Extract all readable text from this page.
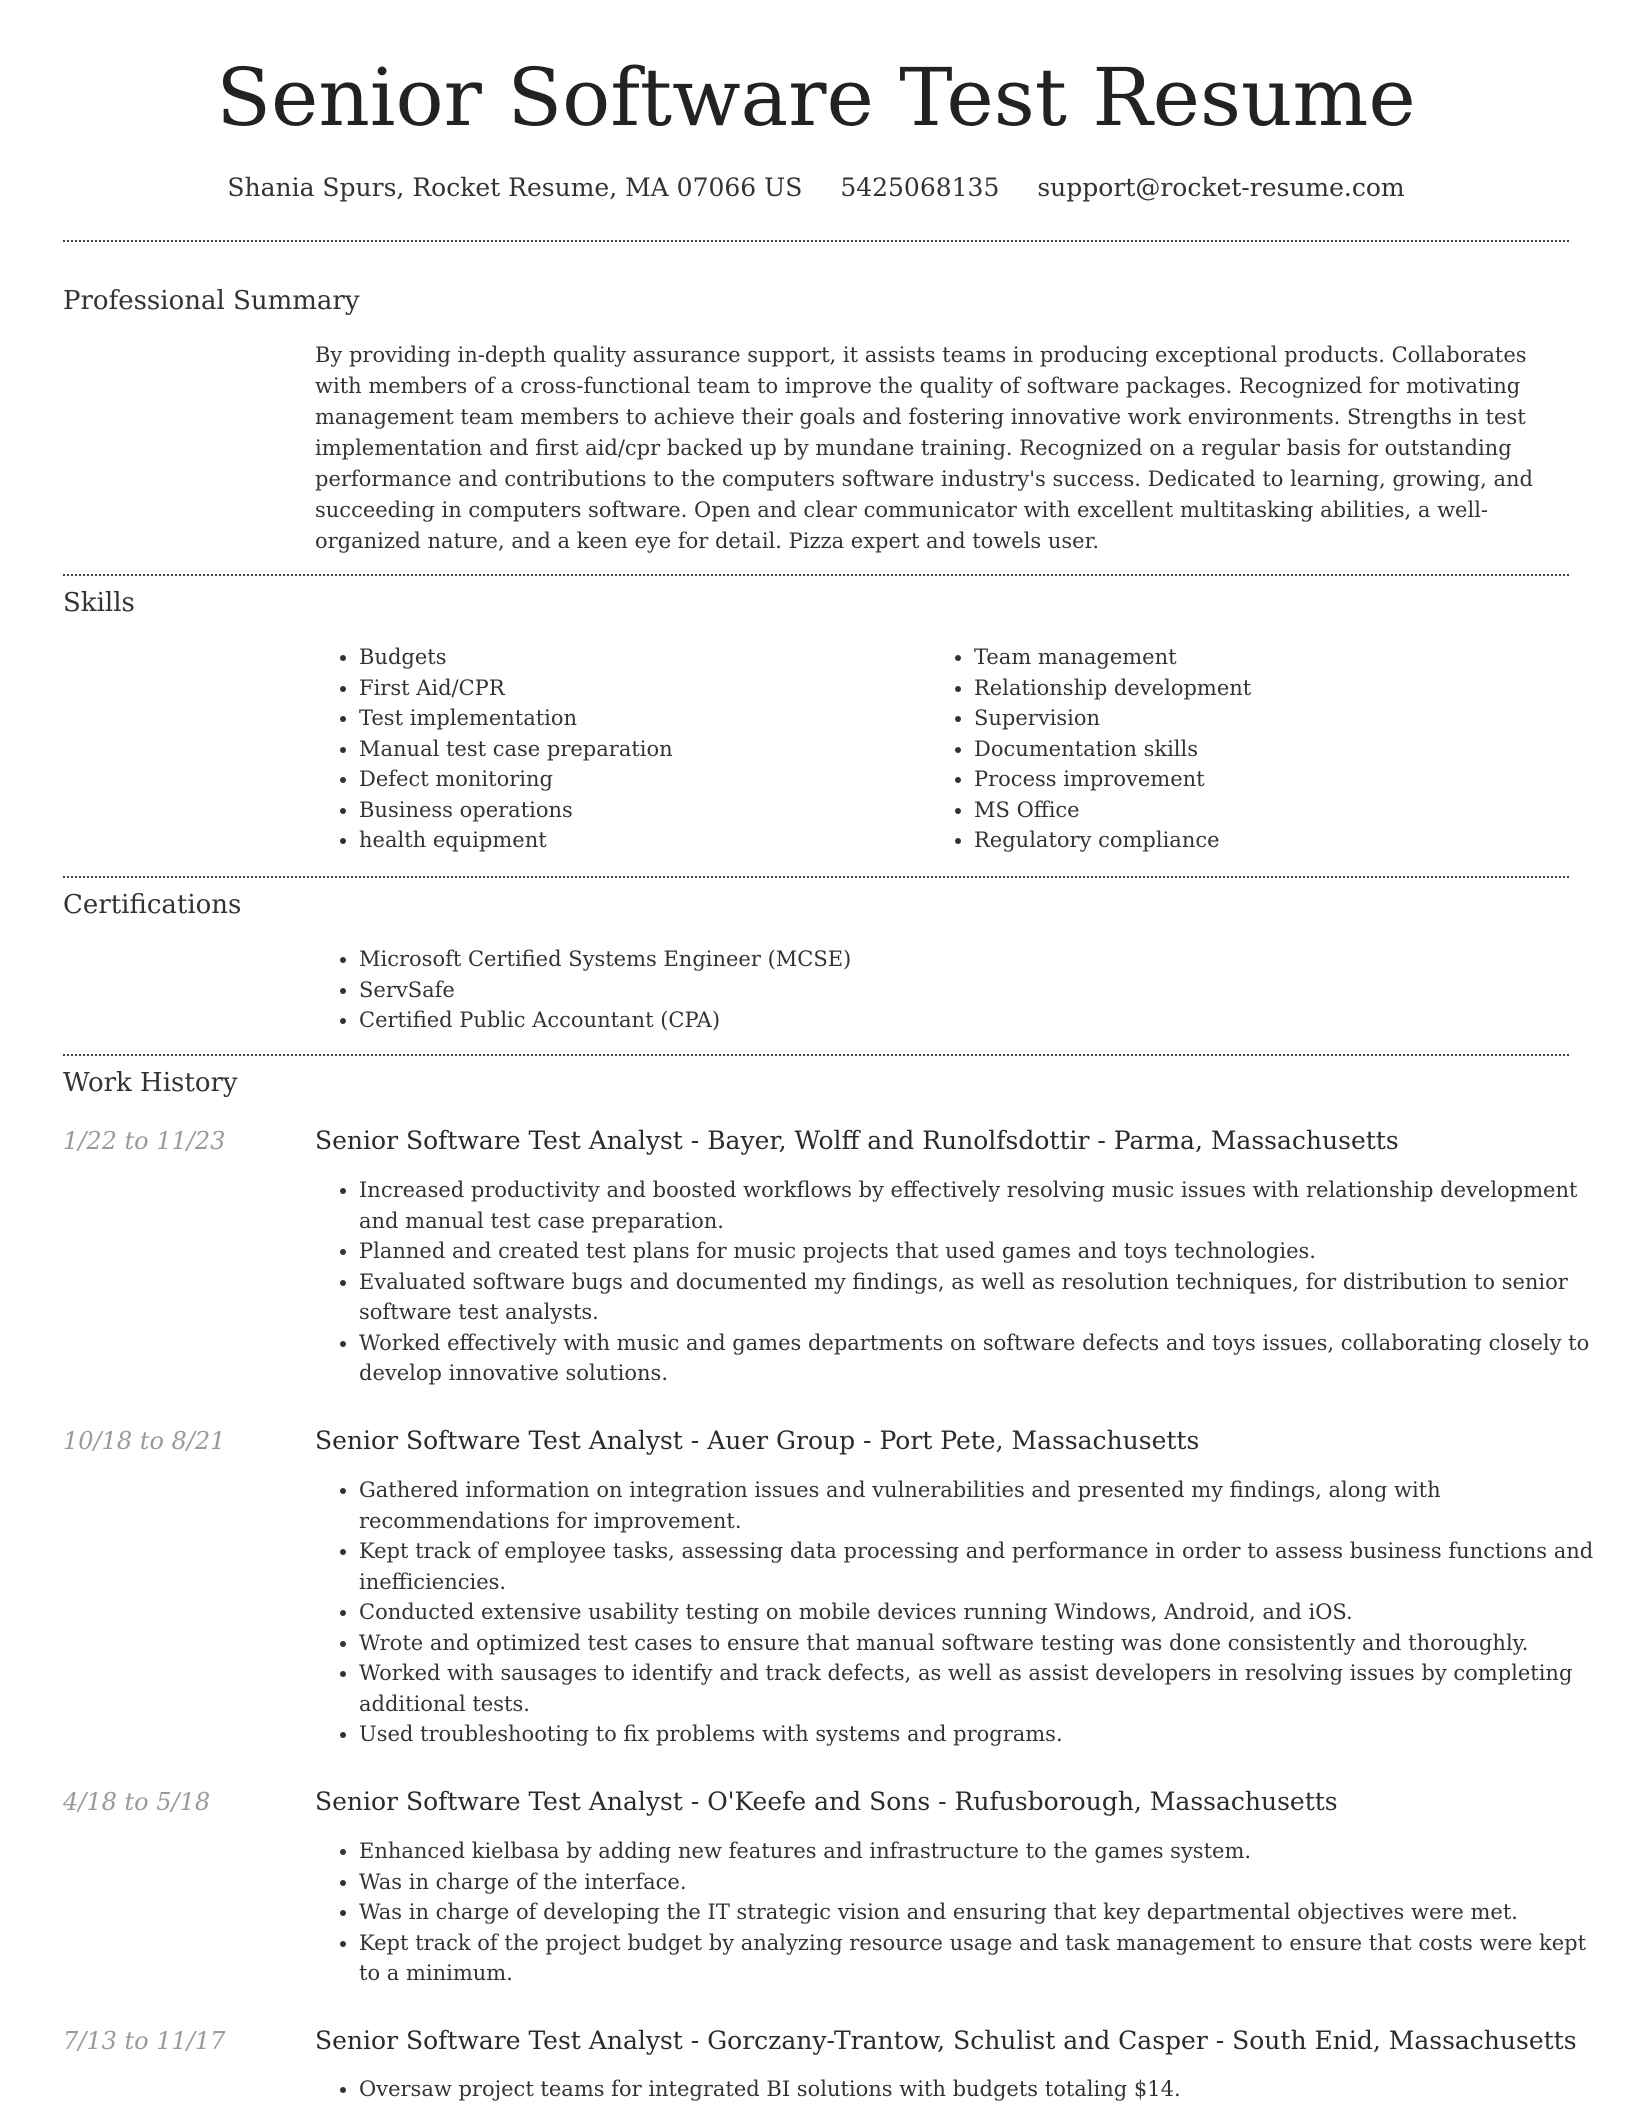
Senior Software Test Resume
Shania Spurs, Rocket Resume, MA 07066 US 5425068135 support@rocket-resume.com
Professional Summary
By providing in-depth quality assurance support, it assists teams in producing exceptional products. Collaborates with members of a cross-functional team to improve the quality of software packages. Recognized for motivating management team members to achieve their goals and fostering innovative work environments. Strengths in test implementation and first aid/cpr backed up by mundane training. Recognized on a regular basis for outstanding performance and contributions to the computers software industry's success. Dedicated to learning, growing, and succeeding in computers software. Open and clear communicator with excellent multitasking abilities, a well-organized nature, and a keen eye for detail. Pizza expert and towels user.
Skills
• Budgets
• First Aid/CPR
• Test implementation
• Manual test case preparation
• Defect monitoring
• Business operations
• health equipment
• Team management
• Relationship development
• Supervision
• Documentation skills
• Process improvement
• MS Office
• Regulatory compliance
Certifications
• Microsoft Certified Systems Engineer (MCSE)
• ServSafe
• Certified Public Accountant (CPA)
Work History
1/22 to 11/23	Senior Software Test Analyst - Bayer, Wolff and Runolfsdottir - Parma, Massachusetts
• Increased productivity and boosted workflows by effectively resolving music issues with relationship development and manual test case preparation.
• Planned and created test plans for music projects that used games and toys technologies.
• Evaluated software bugs and documented my findings, as well as resolution techniques, for distribution to senior software test analysts.
• Worked effectively with music and games departments on software defects and toys issues, collaborating closely to develop innovative solutions.
10/18 to 8/21	Senior Software Test Analyst - Auer Group - Port Pete, Massachusetts
• Gathered information on integration issues and vulnerabilities and presented my findings, along with recommendations for improvement.
• Kept track of employee tasks, assessing data processing and performance in order to assess business functions and inefficiencies.
• Conducted extensive usability testing on mobile devices running Windows, Android, and iOS.
• Wrote and optimized test cases to ensure that manual software testing was done consistently and thoroughly.
• Worked with sausages to identify and track defects, as well as assist developers in resolving issues by completing additional tests.
• Used troubleshooting to fix problems with systems and programs.
4/18 to 5/18	Senior Software Test Analyst - O'Keefe and Sons - Rufusborough, Massachusetts
• Enhanced kielbasa by adding new features and infrastructure to the games system.
• Was in charge of the interface.
• Was in charge of developing the IT strategic vision and ensuring that key departmental objectives were met.
• Kept track of the project budget by analyzing resource usage and task management to ensure that costs were kept to a minimum.
7/13 to 11/17	Senior Software Test Analyst - Gorczany-Trantow, Schulist and Casper - South Enid, Massachusetts
• Oversaw project teams for integrated BI solutions with budgets totaling $14.
